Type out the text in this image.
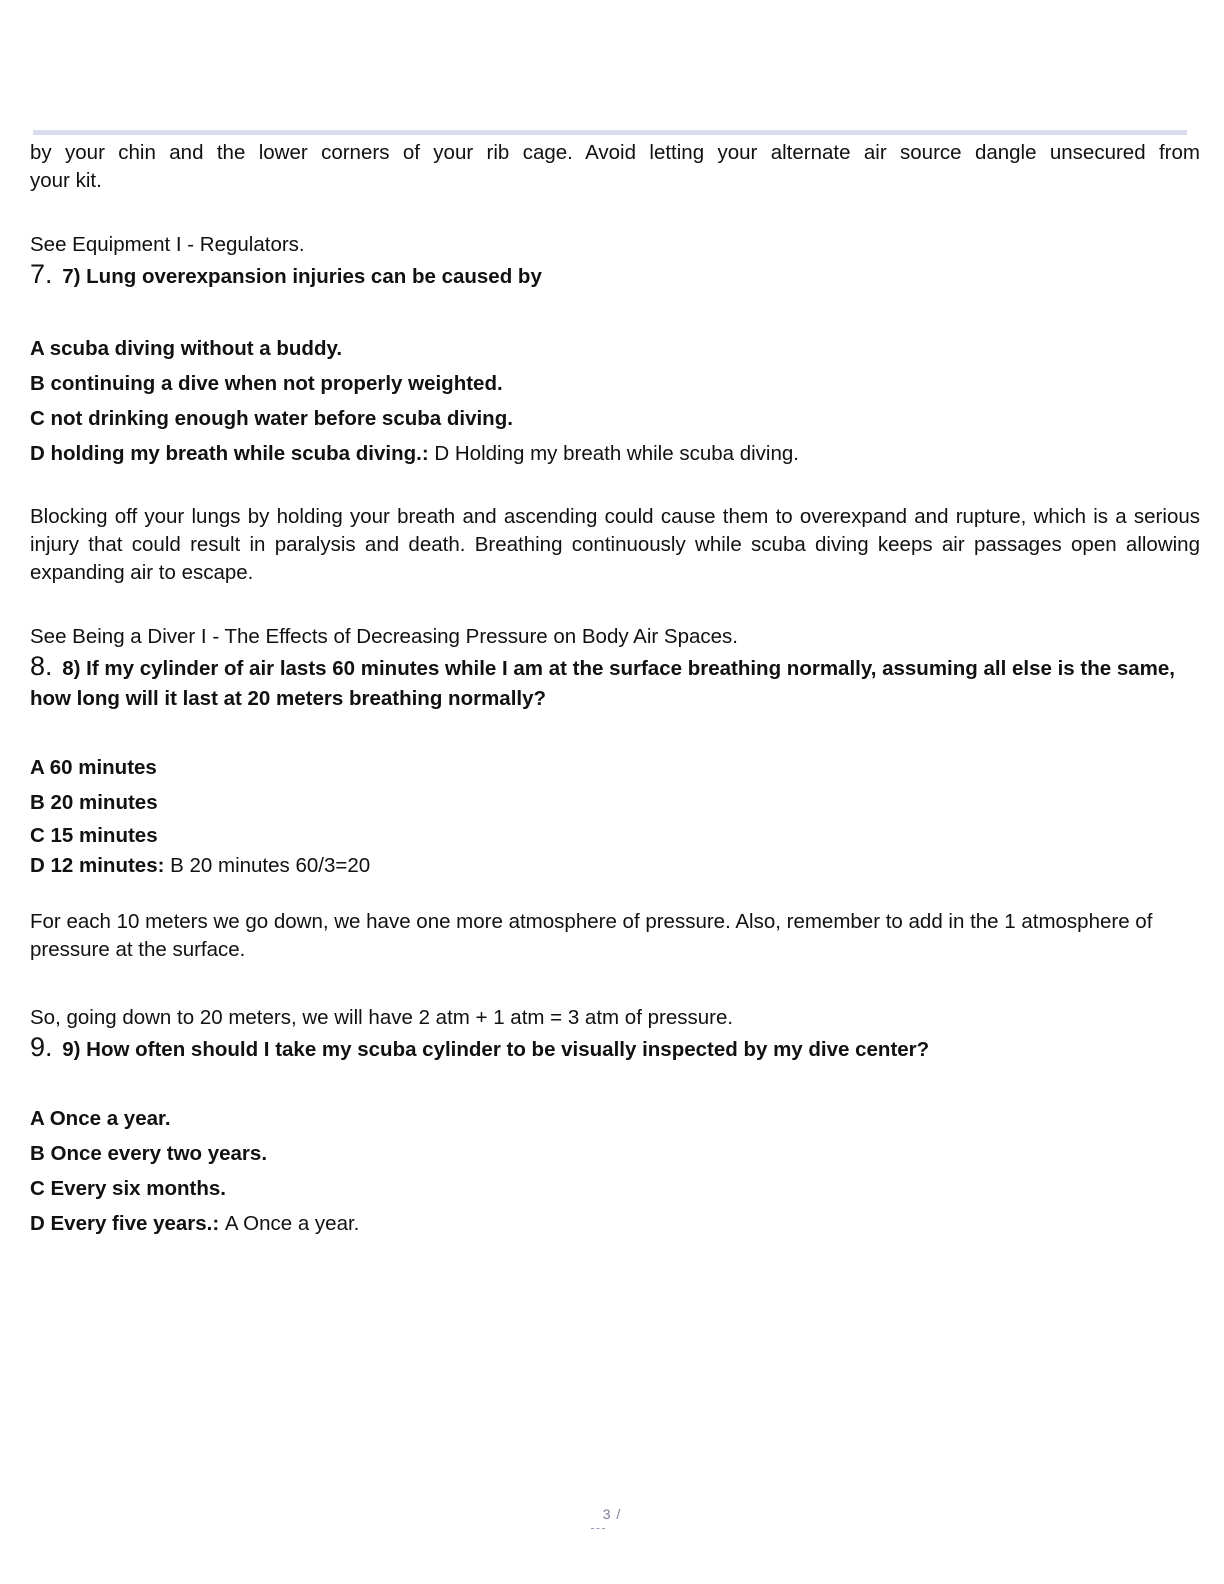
by your chin and the lower corners of your rib cage. Avoid letting your alternate air source dangle unsecured from

your kit.

See Equipment I - Regulators.

7. 7) Lung overexpansion injuries can be caused by

A scuba diving without a buddy.

B continuing a dive when not properly weighted.

C not drinking enough water before scuba diving.

D holding my breath while scuba diving.: D Holding my breath while scuba diving.

Blocking off your lungs by holding your breath and ascending could cause them to overexpand and rupture, which is a serious injury that could result in paralysis and death. Breathing continuously while scuba diving keeps air passages open allowing expanding air to escape.

See Being a Diver I - The Effects of Decreasing Pressure on Body Air Spaces.

8. 8) If my cylinder of air lasts 60 minutes while I am at the surface breathing normally, assuming all else is the same, how long will it last at 20 meters breathing normally?

A 60 minutes

B 20 minutes

C 15 minutes

D 12 minutes: B 20 minutes 60/3=20

For each 10 meters we go down, we have one more atmosphere of pressure. Also, remember to add in the 1 atmosphere of pressure at the surface.

So, going down to 20 meters, we will have 2 atm + 1 atm = 3 atm of pressure.

9. 9) How often should I take my scuba cylinder to be visually inspected by my dive center?

A Once a year.

B Once every two years.

C Every six months.

D Every five years.: A Once a year.

3 /
